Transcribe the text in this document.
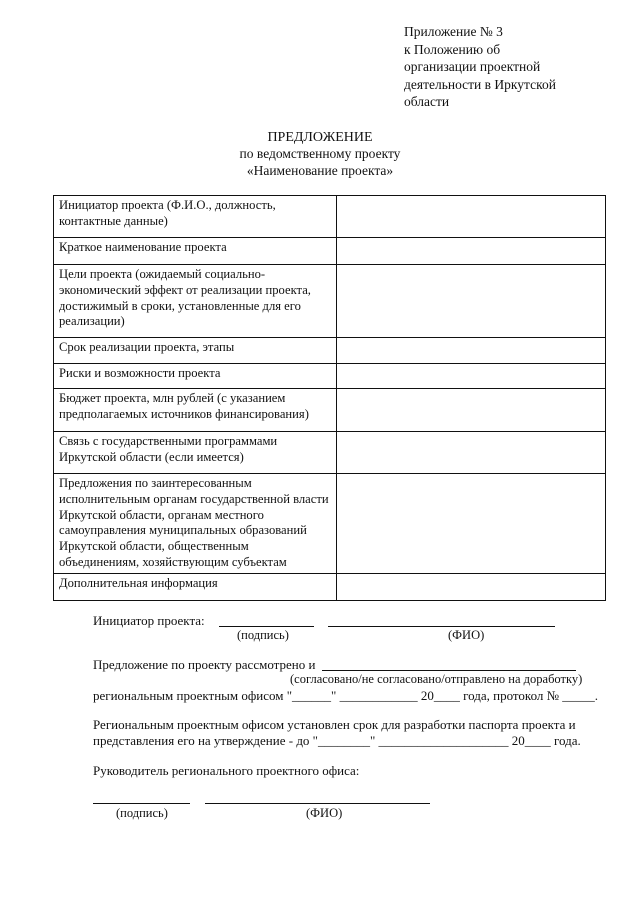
Приложение № 3
к Положению об
организации проектной
деятельности в Иркутской
области
ПРЕДЛОЖЕНИЕ
по ведомственному проекту
«Наименование проекта»
Инициатор проекта (Ф.И.О., должность, контактные данные)	
Краткое наименование проекта	
Цели проекта (ожидаемый социально-экономический эффект от реализации проекта, достижимый в сроки, установленные для его реализации)	
Срок реализации проекта, этапы	
Риски и возможности проекта	
Бюджет проекта, млн рублей (с указанием предполагаемых источников финансирования)	
Связь с государственными программами Иркутской области (если имеется)	
Предложения по заинтересованным исполнительным органам государственной власти Иркутской области, органам местного самоуправления муниципальных образований Иркутской области, общественным объединениям, хозяйствующим субъектам	
Дополнительная информация	
Инициатор проекта:
(подпись)	(ФИО)
Предложение по проекту рассмотрено и
(согласовано/не согласовано/отправлено на доработку)
региональным проектным офисом "______" ____________ 20____ года, протокол № _____.
Региональным проектным офисом установлен срок для разработки паспорта проекта и
представления его на утверждение - до "________" ____________________ 20____ года.
Руководитель регионального проектного офиса:
(подпись)	(ФИО)
